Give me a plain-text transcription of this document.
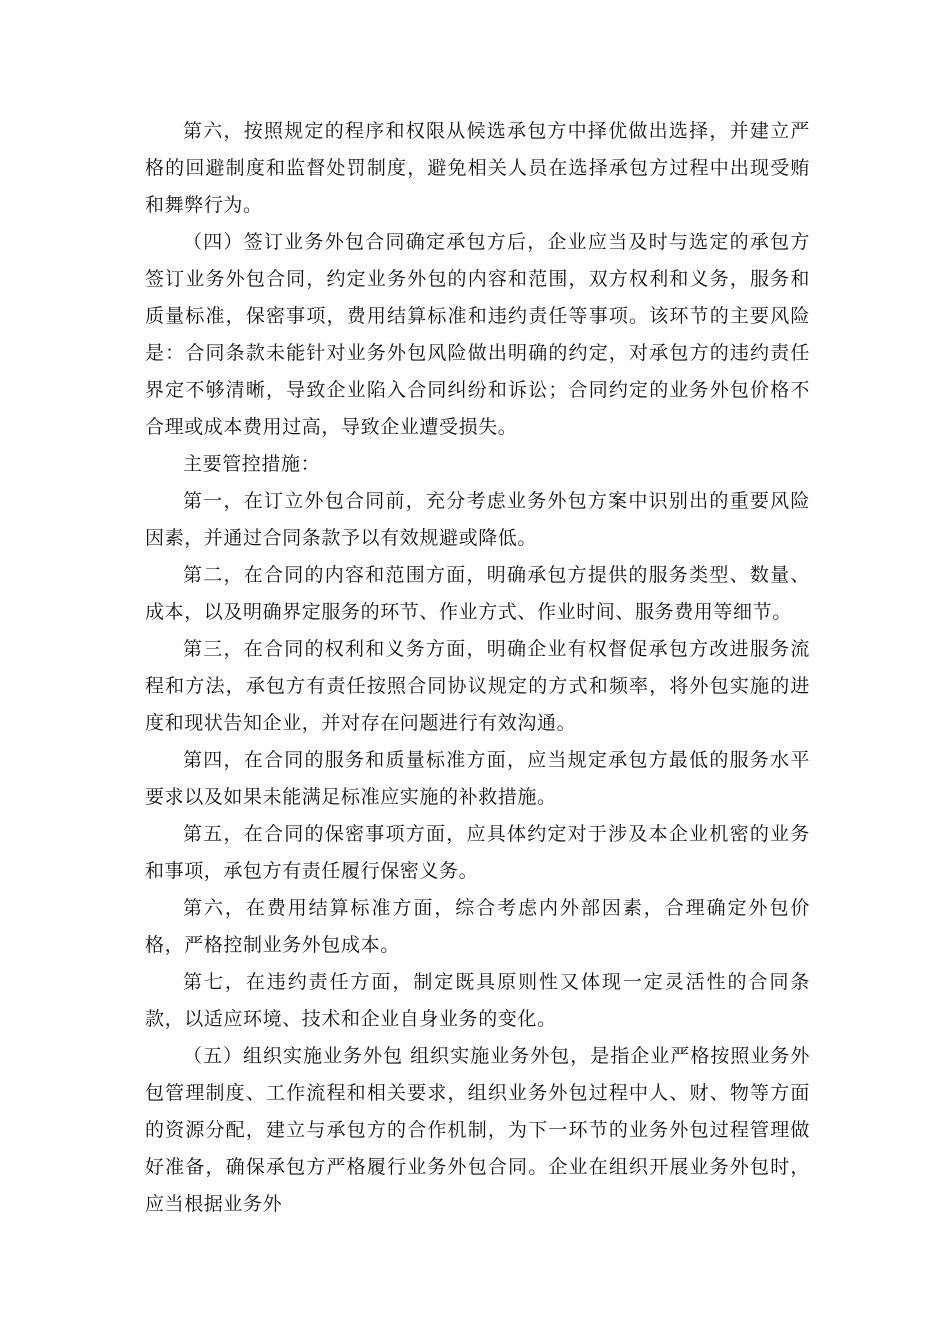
第六，按照规定的程序和权限从候选承包方中择优做出选择，并建立严格的回避制度和监督处罚制度，避免相关人员在选择承包方过程中出现受贿和舞弊行为。

（四）签订业务外包合同确定承包方后，企业应当及时与选定的承包方签订业务外包合同，约定业务外包的内容和范围，双方权利和义务，服务和质量标准，保密事项，费用结算标准和违约责任等事项。该环节的主要风险是：合同条款未能针对业务外包风险做出明确的约定，对承包方的违约责任界定不够清晰，导致企业陷入合同纠纷和诉讼；合同约定的业务外包价格不合理或成本费用过高，导致企业遭受损失。

主要管控措施：

第一，在订立外包合同前，充分考虑业务外包方案中识别出的重要风险因素，并通过合同条款予以有效规避或降低。

第二，在合同的内容和范围方面，明确承包方提供的服务类型、数量、成本，以及明确界定服务的环节、作业方式、作业时间、服务费用等细节。

第三，在合同的权利和义务方面，明确企业有权督促承包方改进服务流程和方法，承包方有责任按照合同协议规定的方式和频率，将外包实施的进度和现状告知企业，并对存在问题进行有效沟通。

第四，在合同的服务和质量标准方面，应当规定承包方最低的服务水平要求以及如果未能满足标准应实施的补救措施。

第五，在合同的保密事项方面，应具体约定对于涉及本企业机密的业务和事项，承包方有责任履行保密义务。

第六，在费用结算标准方面，综合考虑内外部因素，合理确定外包价格，严格控制业务外包成本。

第七，在违约责任方面，制定既具原则性又体现一定灵活性的合同条款，以适应环境、技术和企业自身业务的变化。

（五）组织实施业务外包 组织实施业务外包，是指企业严格按照业务外包管理制度、工作流程和相关要求，组织业务外包过程中人、财、物等方面的资源分配，建立与承包方的合作机制，为下一环节的业务外包过程管理做好准备，确保承包方严格履行业务外包合同。企业在组织开展业务外包时，应当根据业务外
